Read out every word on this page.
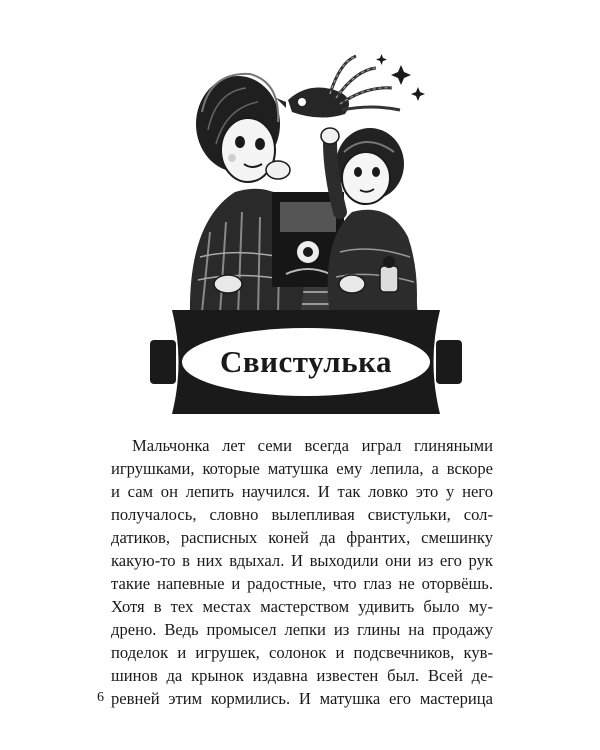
Свистулька
Мальчонка лет семи всегда играл глиняными
игрушками, которые матушка ему лепила, а вскоре
и сам он лепить научился. И так ловко это у него
получалось, словно вылепливая свистульки, сол-
датиков, расписных коней да франтих, смешинку
какую-то в них вдыхал. И выходили они из его рук
такие напевные и радостные, что глаз не оторвёшь.
Хотя в тех местах мастерством удивить было му-
дрено. Ведь промысел лепки из глины на продажу
поделок и игрушек, солонок и подсвечников, кув-
шинов да крынок издавна известен был. Всей де-
ревней этим кормились. И матушка его мастерица
6
